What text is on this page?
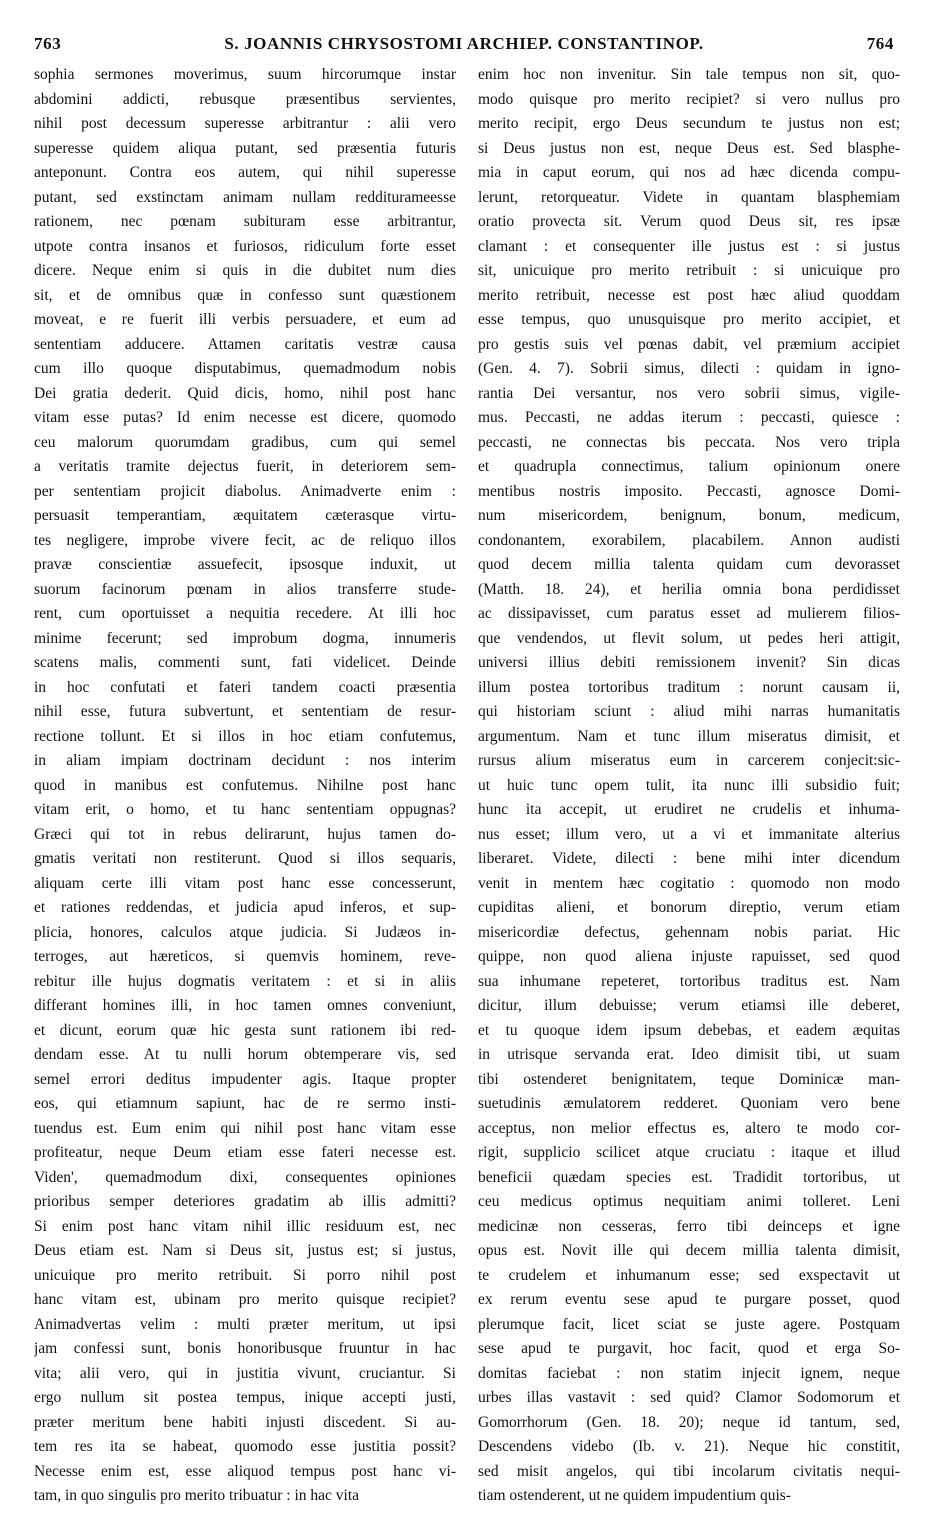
763	S. JOANNIS CHRYSOSTOMI ARCHIEP. CONSTANTINOP.	764
sophia sermones moverimus, suum hircorumque instar
abdomini addicti, rebusque præsentibus servientes,
nihil post decessum superesse arbitrantur : alii vero
superesse quidem aliqua putant, sed præsentia futuris
anteponunt. Contra eos autem, qui nihil superesse
putant, sed exstinctam animam nullam redditurameesse
rationem, nec pœnam subituram esse arbitrantur,
utpote contra insanos et furiosos, ridiculum forte esset
dicere. Neque enim si quis in die dubitet num dies
sit, et de omnibus quæ in confesso sunt quæstionem
moveat, e re fuerit illi verbis persuadere, et eum ad
sententiam adducere. Attamen caritatis vestræ causa
cum illo quoque disputabimus, quemadmodum nobis
Dei gratia dederit. Quid dicis, homo, nihil post hanc
vitam esse putas? Id enim necesse est dicere, quomodo
ceu malorum quorumdam gradibus, cum qui semel
a veritatis tramite dejectus fuerit, in deteriorem sem-
per sententiam projicit diabolus. Animadverte enim :
persuasit temperantiam, æquitatem cæterasque virtu-
tes negligere, improbe vivere fecit, ac de reliquo illos
pravæ conscientiæ assuefecit, ipsosque induxit, ut
suorum facinorum pœnam in alios transferre stude-
rent, cum oportuisset a nequitia recedere. At illi hoc
minime fecerunt; sed improbum dogma, innumeris
scatens malis, commenti sunt, fati videlicet. Deinde
in hoc confutati et fateri tandem coacti præsentia
nihil esse, futura subvertunt, et sententiam de resur-
rectione tollunt. Et si illos in hoc etiam confutemus,
in aliam impiam doctrinam decidunt : nos interim
quod in manibus est confutemus. Nihilne post hanc
vitam erit, o homo, et tu hanc sententiam oppugnas?
Græci qui tot in rebus delirarunt, hujus tamen do-
gmatis veritati non restiterunt. Quod si illos sequaris,
aliquam certe illi vitam post hanc esse concesserunt,
et rationes reddendas, et judicia apud inferos, et sup-
plicia, honores, calculos atque judicia. Si Judæos in-
terroges, aut hæreticos, si quemvis hominem, reve-
rebitur ille hujus dogmatis veritatem : et si in aliis
differant homines illi, in hoc tamen omnes conveniunt,
et dicunt, eorum quæ hic gesta sunt rationem ibi red-
dendam esse. At tu nulli horum obtemperare vis, sed
semel errori deditus impudenter agis. Itaque propter
eos, qui etiamnum sapiunt, hac de re sermo insti-
tuendus est. Eum enim qui nihil post hanc vitam esse
profiteatur, neque Deum etiam esse fateri necesse est.
Viden', quemadmodum dixi, consequentes opiniones
prioribus semper deteriores gradatim ab illis admitti?
Si enim post hanc vitam nihil illic residuum est, nec
Deus etiam est. Nam si Deus sit, justus est; si justus,
unicuique pro merito retribuit. Si porro nihil post
hanc vitam est, ubinam pro merito quisque recipiet?
Animadvertas velim : multi præter meritum, ut ipsi
jam confessi sunt, bonis honoribusque fruuntur in hac
vita; alii vero, qui in justitia vivunt, cruciantur. Si
ergo nullum sit postea tempus, inique accepti justi,
præter meritum bene habiti injusti discedent. Si au-
tem res ita se habeat, quomodo esse justitia possit?
Necesse enim est, esse aliquod tempus post hanc vi-
tam, in quo singulis pro merito tribuatur : in hac vita
enim hoc non invenitur. Sin tale tempus non sit, quo-
modo quisque pro merito recipiet? si vero nullus pro
merito recipit, ergo Deus secundum te justus non est;
si Deus justus non est, neque Deus est. Sed blasphe-
mia in caput eorum, qui nos ad hæc dicenda compu-
lerunt, retorqueatur. Videte in quantam blasphemiam
oratio provecta sit. Verum quod Deus sit, res ipsæ
clamant : et consequenter ille justus est : si justus
sit, unicuique pro merito retribuit : si unicuique pro
merito retribuit, necesse est post hæc aliud quoddam
esse tempus, quo unusquisque pro merito accipiet, et
pro gestis suis vel pœnas dabit, vel præmium accipiet
(Gen. 4. 7). Sobrii simus, dilecti : quidam in igno-
rantia Dei versantur, nos vero sobrii simus, vigile-
mus. Peccasti, ne addas iterum : peccasti, quiesce :
peccasti, ne connectas bis peccata. Nos vero tripla
et quadrupla connectimus, talium opinionum onere
mentibus nostris imposito. Peccasti, agnosce Domi-
num misericordem, benignum, bonum, medicum,
condonantem, exorabilem, placabilem. Annon audisti
quod decem millia talenta quidam cum devorasset
(Matth. 18. 24), et herilia omnia bona perdidisset
ac dissipavisset, cum paratus esset ad mulierem filios-
que vendendos, ut flevit solum, ut pedes heri attigit,
universi illius debiti remissionem invenit? Sin dicas
illum postea tortoribus traditum : norunt causam ii,
qui historiam sciunt : aliud mihi narras humanitatis
argumentum. Nam et tunc illum miseratus dimisit, et
rursus alium miseratus eum in carcerem conjecit:sic-
ut huic tunc opem tulit, ita nunc illi subsidio fuit;
hunc ita accepit, ut erudiret ne crudelis et inhuma-
nus esset; illum vero, ut a vi et immanitate alterius
liberaret. Videte, dilecti : bene mihi inter dicendum
venit in mentem hæc cogitatio : quomodo non modo
cupiditas alieni, et bonorum direptio, verum etiam
misericordiæ defectus, gehennam nobis pariat. Hic
quippe, non quod aliena injuste rapuisset, sed quod
sua inhumane repeteret, tortoribus traditus est. Nam
dicitur, illum debuisse; verum etiamsi ille deberet,
et tu quoque idem ipsum debebas, et eadem æquitas
in utrisque servanda erat. Ideo dimisit tibi, ut suam
tibi ostenderet benignitatem, teque Dominicæ man-
suetudinis æmulatorem redderet. Quoniam vero bene
acceptus, non melior effectus es, altero te modo cor-
rigit, supplicio scilicet atque cruciatu : itaque et illud
beneficii quædam species est. Tradidit tortoribus, ut
ceu medicus optimus nequitiam animi tolleret. Leni
medicinæ non cesseras, ferro tibi deinceps et igne
opus est. Novit ille qui decem millia talenta dimisit,
te crudelem et inhumanum esse; sed exspectavit ut
ex rerum eventu sese apud te purgare posset, quod
plerumque facit, licet sciat se juste agere. Postquam
sese apud te purgavit, hoc facit, quod et erga So-
domitas faciebat : non statim injecit ignem, neque
urbes illas vastavit : sed quid? Clamor Sodomorum et
Gomorrhorum (Gen. 18. 20); neque id tantum, sed,
Descendens videbo (Ib. v. 21). Neque hic constitit,
sed misit angelos, qui tibi incolarum civitatis nequi-
tiam ostenderent, ut ne quidem impudentium quis-
